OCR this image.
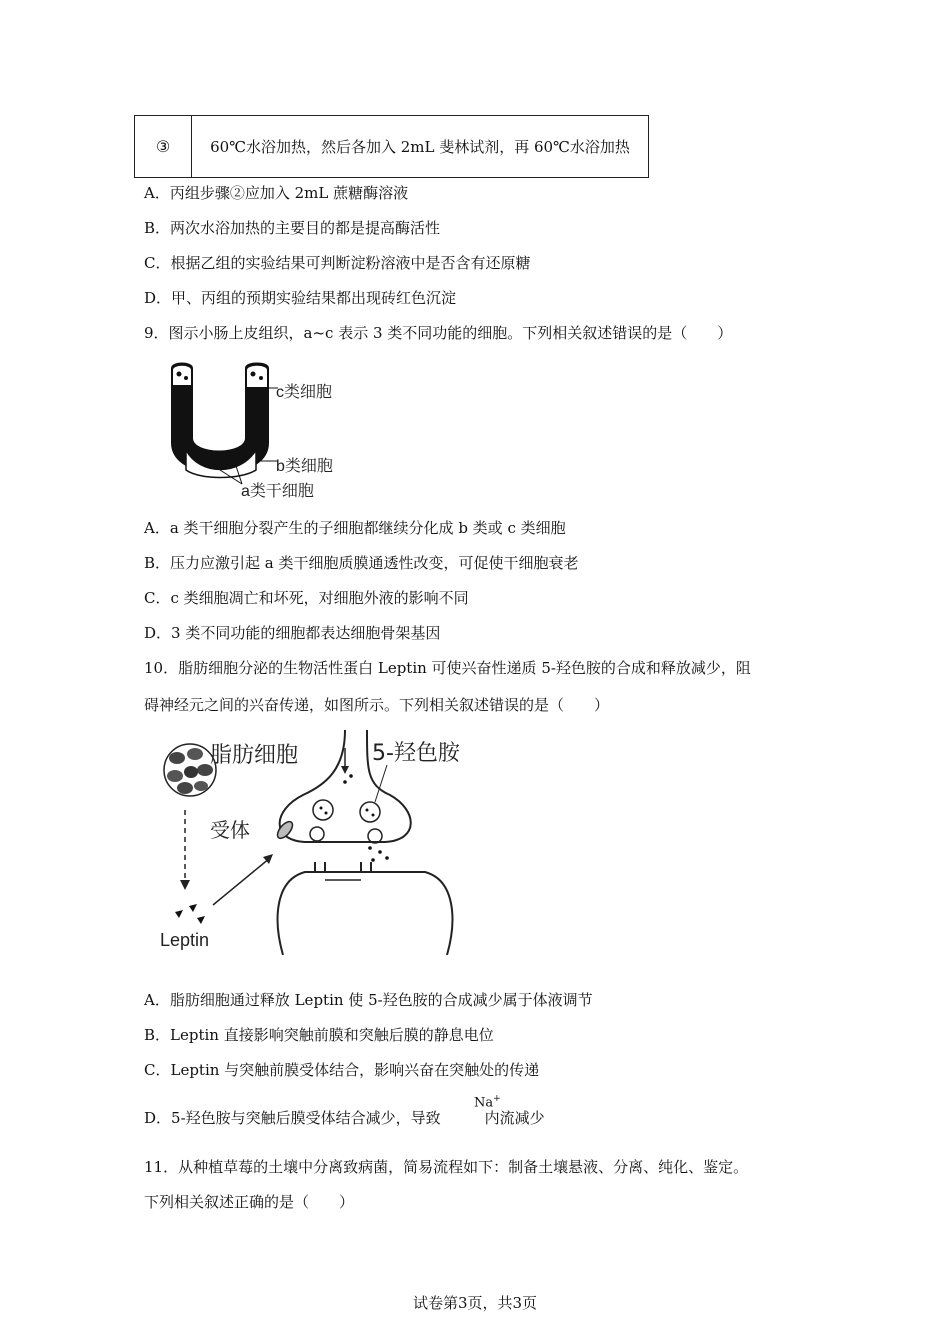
③	60℃水浴加热，然后各加入 2mL 斐林试剂，再 60℃水浴加热
A．丙组步骤②应加入 2mL 蔗糖酶溶液
B．两次水浴加热的主要目的都是提高酶活性
C．根据乙组的实验结果可判断淀粉溶液中是否含有还原糖
D．甲、丙组的预期实验结果都出现砖红色沉淀
9．图示小肠上皮组织，a~c 表示 3 类不同功能的细胞。下列相关叙述错误的是（　　）
c类细胞
b类细胞
a类干细胞
A．a 类干细胞分裂产生的子细胞都继续分化成 b 类或 c 类细胞
B．压力应激引起 a 类干细胞质膜通透性改变，可促使干细胞衰老
C．c 类细胞凋亡和坏死，对细胞外液的影响不同
D．3 类不同功能的细胞都表达细胞骨架基因
10．脂肪细胞分泌的生物活性蛋白 Leptin 可使兴奋性递质 5-羟色胺的合成和释放减少，阻
碍神经元之间的兴奋传递，如图所示。下列相关叙述错误的是（　　）
脂肪细胞	5-羟色胺
受体
Leptin
A．脂肪细胞通过释放 Leptin 使 5-羟色胺的合成减少属于体液调节
B．Leptin 直接影响突触前膜和突触后膜的静息电位
C．Leptin 与突触前膜受体结合，影响兴奋在突触处的传递
D．5-羟色胺与突触后膜受体结合减少，导致	内流减少
Na+
11．从种植草莓的土壤中分离致病菌，简易流程如下：制备土壤悬液、分离、纯化、鉴定。
下列相关叙述正确的是（　　）
试卷第3页，共3页
